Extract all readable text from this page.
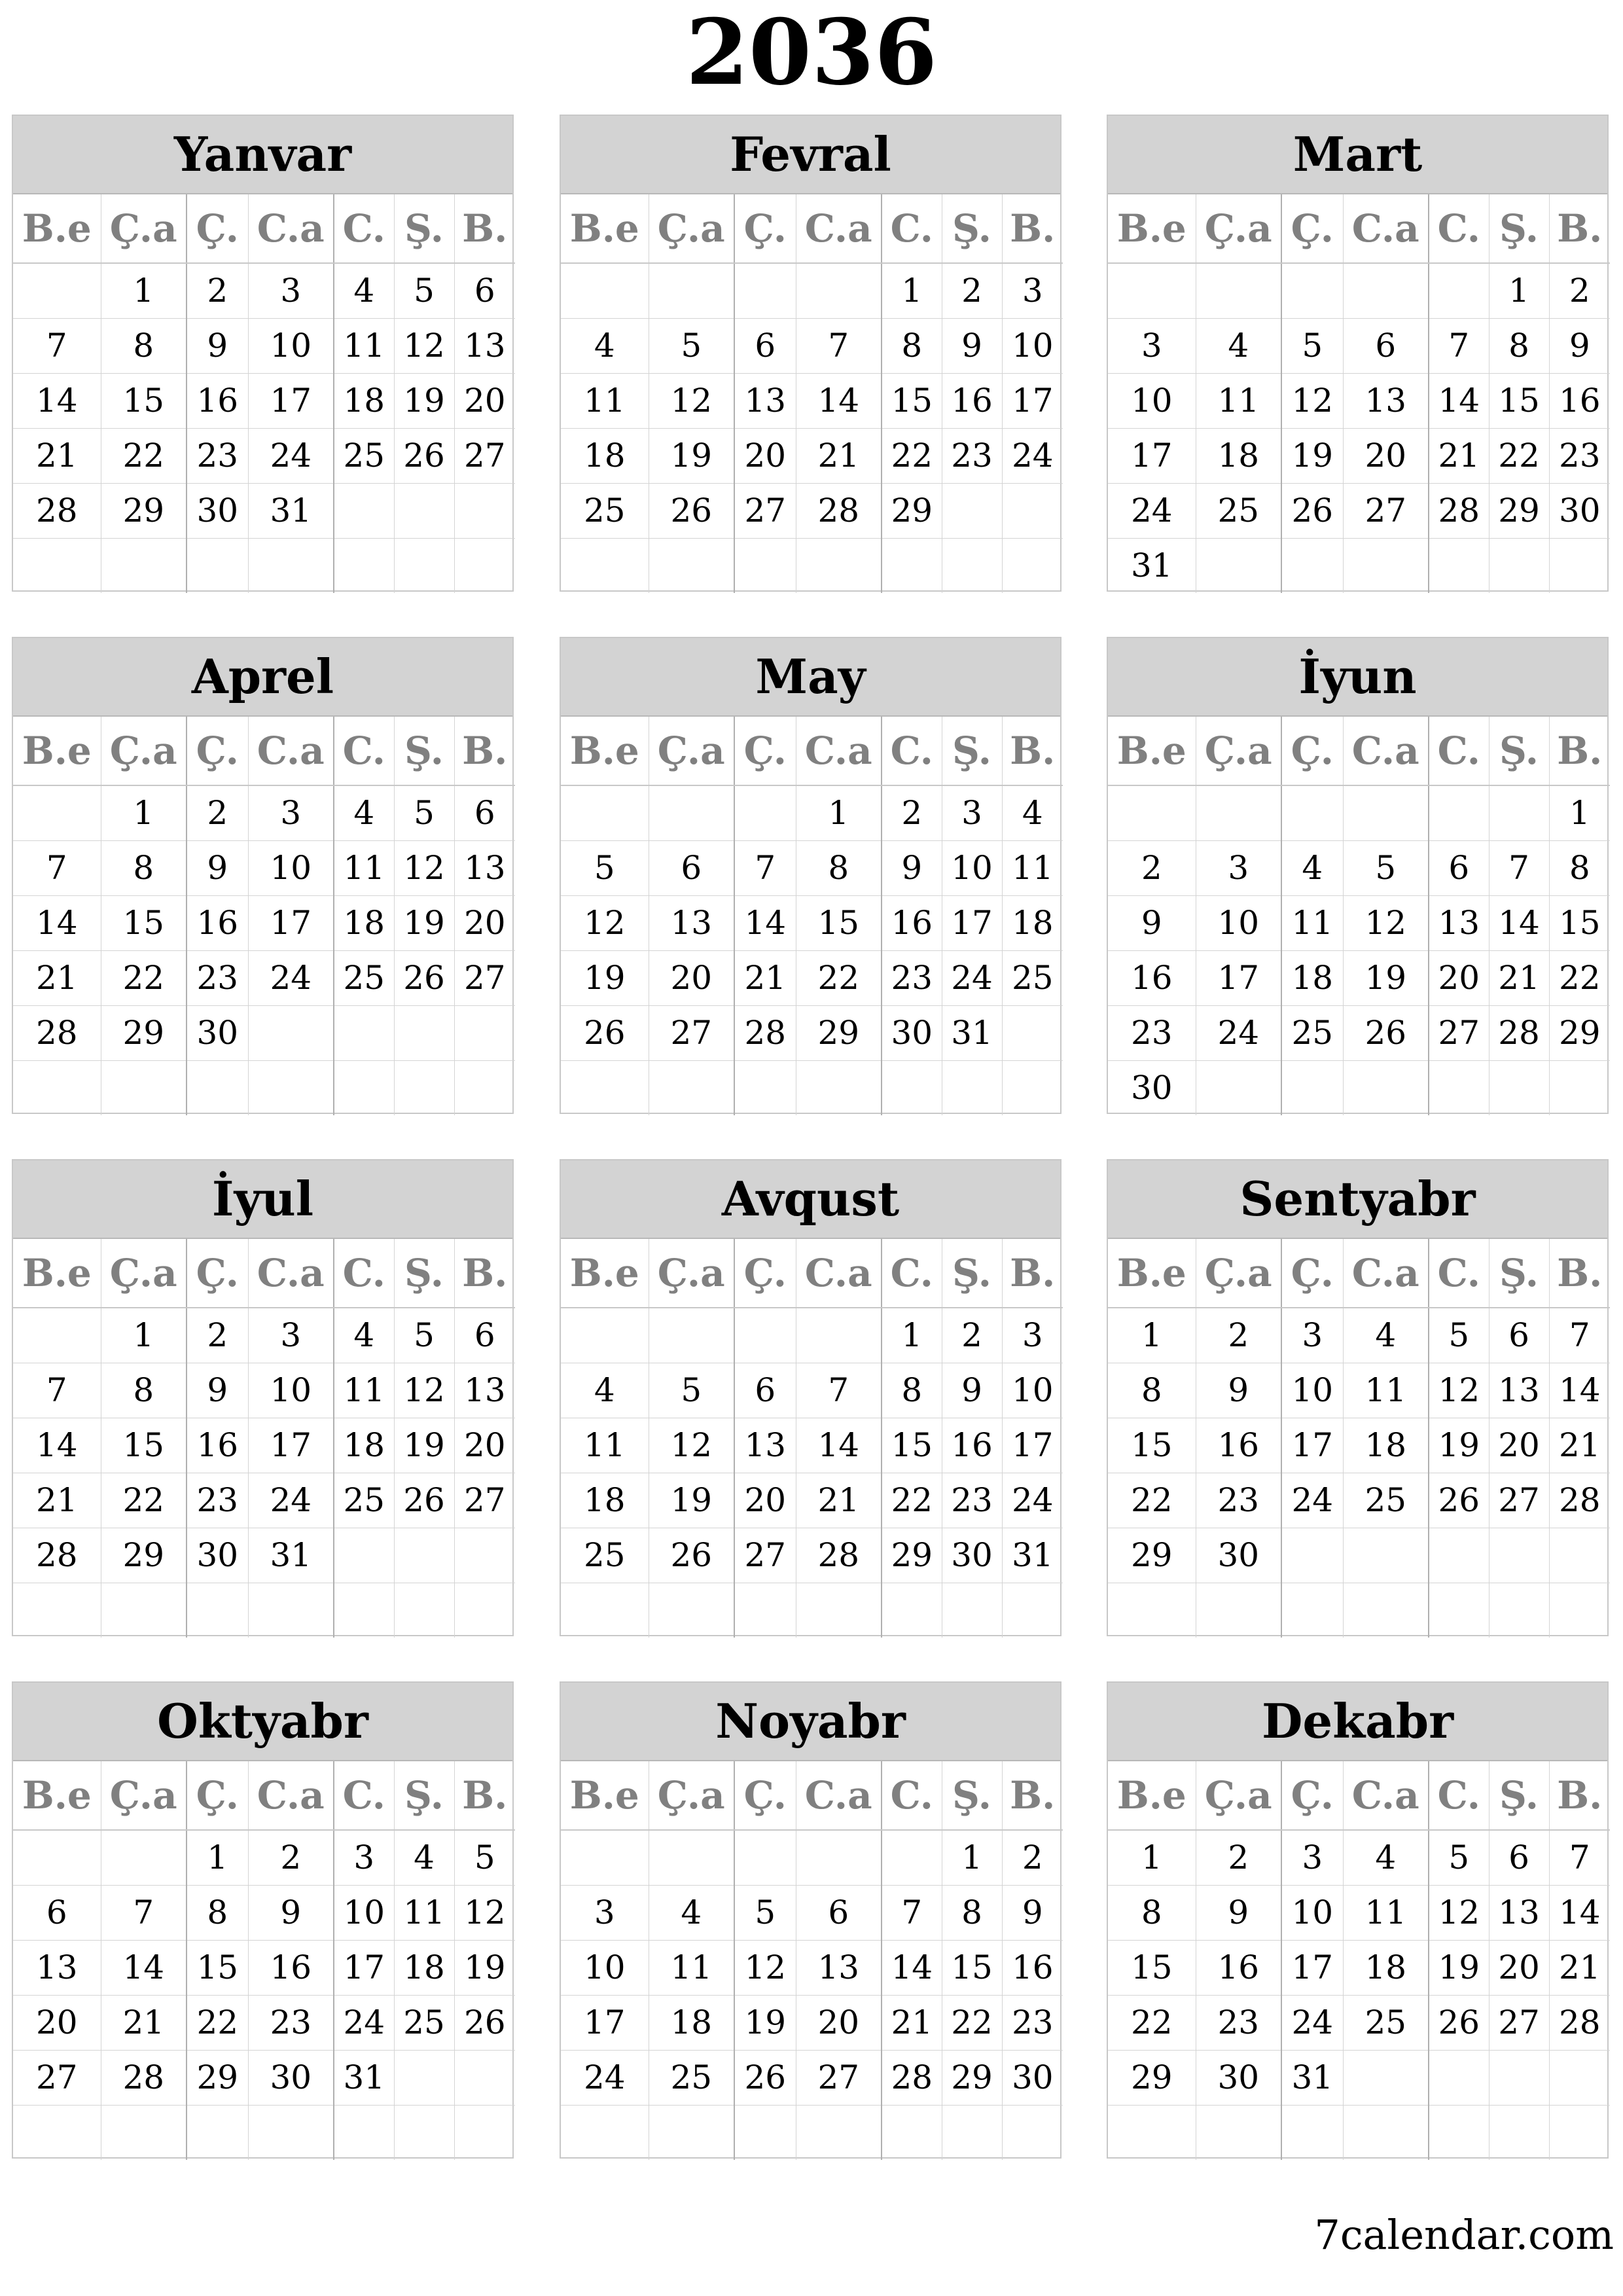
2036
Yanvar
B.e	Ç.a	Ç.	C.a	C.	Ş.	B.
	1	2	3	4	5	6
7	8	9	10	11	12	13
14	15	16	17	18	19	20
21	22	23	24	25	26	27
28	29	30	31			

Fevral
B.e	Ç.a	Ç.	C.a	C.	Ş.	B.
				1	2	3
4	5	6	7	8	9	10
11	12	13	14	15	16	17
18	19	20	21	22	23	24
25	26	27	28	29		

Mart
B.e	Ç.a	Ç.	C.a	C.	Ş.	B.
					1	2
3	4	5	6	7	8	9
10	11	12	13	14	15	16
17	18	19	20	21	22	23
24	25	26	27	28	29	30
31						
Aprel
B.e	Ç.a	Ç.	C.a	C.	Ş.	B.
	1	2	3	4	5	6
7	8	9	10	11	12	13
14	15	16	17	18	19	20
21	22	23	24	25	26	27
28	29	30				

May
B.e	Ç.a	Ç.	C.a	C.	Ş.	B.
			1	2	3	4
5	6	7	8	9	10	11
12	13	14	15	16	17	18
19	20	21	22	23	24	25
26	27	28	29	30	31	

İyun
B.e	Ç.a	Ç.	C.a	C.	Ş.	B.
						1
2	3	4	5	6	7	8
9	10	11	12	13	14	15
16	17	18	19	20	21	22
23	24	25	26	27	28	29
30						
İyul
B.e	Ç.a	Ç.	C.a	C.	Ş.	B.
	1	2	3	4	5	6
7	8	9	10	11	12	13
14	15	16	17	18	19	20
21	22	23	24	25	26	27
28	29	30	31			

Avqust
B.e	Ç.a	Ç.	C.a	C.	Ş.	B.
				1	2	3
4	5	6	7	8	9	10
11	12	13	14	15	16	17
18	19	20	21	22	23	24
25	26	27	28	29	30	31

Sentyabr
B.e	Ç.a	Ç.	C.a	C.	Ş.	B.
1	2	3	4	5	6	7
8	9	10	11	12	13	14
15	16	17	18	19	20	21
22	23	24	25	26	27	28
29	30					

Oktyabr
B.e	Ç.a	Ç.	C.a	C.	Ş.	B.
		1	2	3	4	5
6	7	8	9	10	11	12
13	14	15	16	17	18	19
20	21	22	23	24	25	26
27	28	29	30	31		

Noyabr
B.e	Ç.a	Ç.	C.a	C.	Ş.	B.
					1	2
3	4	5	6	7	8	9
10	11	12	13	14	15	16
17	18	19	20	21	22	23
24	25	26	27	28	29	30

Dekabr
B.e	Ç.a	Ç.	C.a	C.	Ş.	B.
1	2	3	4	5	6	7
8	9	10	11	12	13	14
15	16	17	18	19	20	21
22	23	24	25	26	27	28
29	30	31				

7calendar.com
